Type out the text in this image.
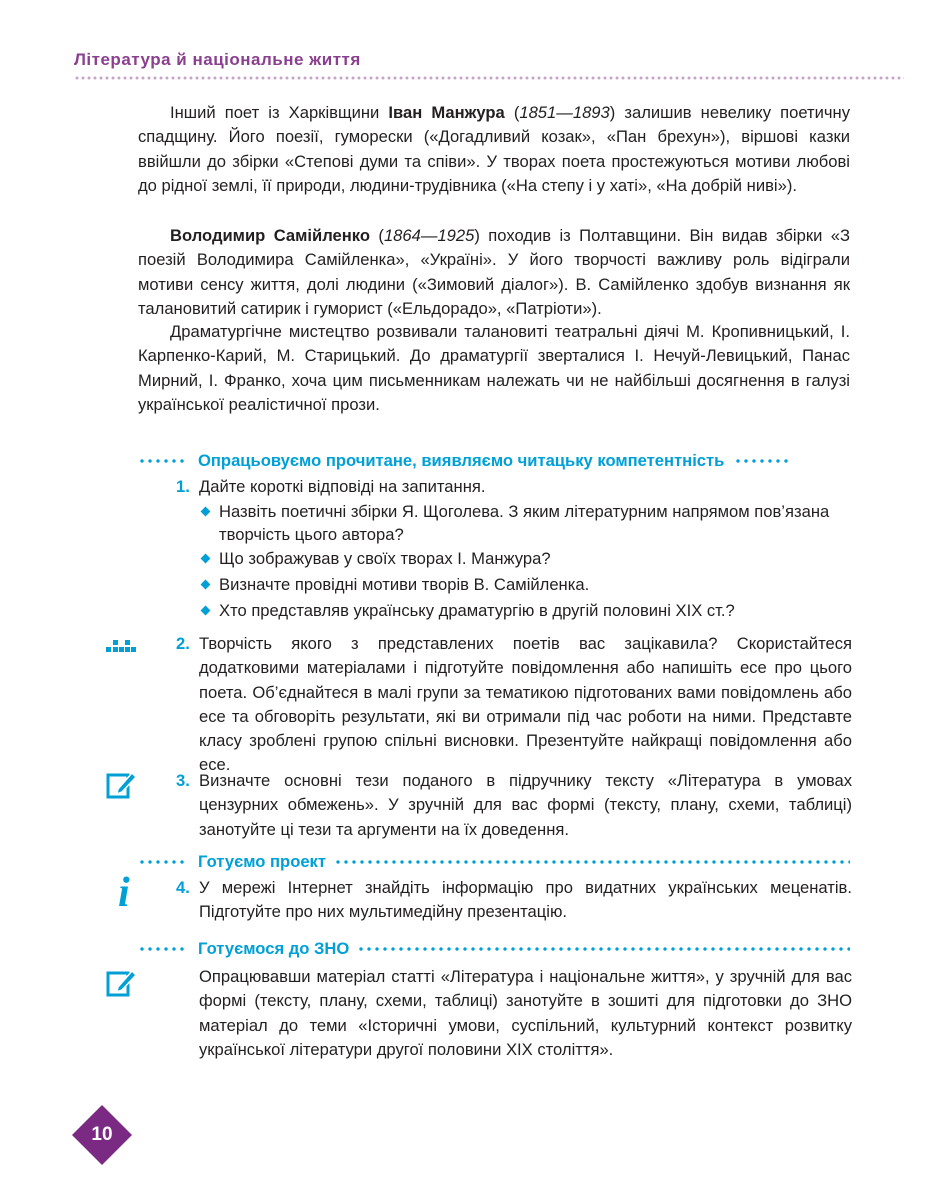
Література й національне життя

Інший поет із Харківщини Іван Манжура (1851—1893) залишив невелику поетичну спадщину. Його поезії, гуморески («Догадливий козак», «Пан брехун»), віршові казки ввійшли до збірки «Степові думи та співи». У творах поета простежуються мотиви любові до рідної землі, її природи, людини-трудівника («На степу і у хаті», «На добрій ниві»).

Володимир Самійленко (1864—1925) походив із Полтавщини. Він видав збірки «З поезій Володимира Самійленка», «Україні». У його творчості важливу роль відіграли мотиви сенсу життя, долі людини («Зимовий діалог»). В. Самійленко здобув визнання як талановитий сатирик і гуморист («Ельдорадо», «Патріоти»).

Драматургічне мистецтво розвивали талановиті театральні діячі М. Кропивницький, І. Карпенко-Карий, М. Старицький. До драматургії зверталися І. Нечуй-Левицький, Панас Мирний, І. Франко, хоча цим письменникам належать чи не найбільші досягнення в галузі української реалістичної прози.

Опрацьовуємо прочитане, виявляємо читацьку компетентність
1. Дайте короткі відповіді на запитання.
Назвіть поетичні збірки Я. Щоголева. З яким літературним напрямом пов’язана творчість цього автора?
Що зображував у своїх творах І. Манжура?
Визначте провідні мотиви творів В. Самійленка.
Хто представляв українську драматургію в другій половині ХІХ ст.?
2. Творчість якого з представлених поетів вас зацікавила? Скористайтеся додатковими матеріалами і підготуйте повідомлення або напишіть есе про цього поета. Об’єднайтеся в малі групи за тематикою підготованих вами повідомлень або есе та обговоріть результати, які ви отримали під час роботи на ними. Представте класу зроблені групою спільні висновки. Презентуйте найкращі повідомлення або есе.
3. Визначте основні тези поданого в підручнику тексту «Література в умовах цензурних обмежень». У зручній для вас формі (тексту, плану, схеми, таблиці) занотуйте ці тези та аргументи на їх доведення.
Готуємо проект
i	4. У мережі Інтернет знайдіть інформацію про видатних українських меценатів. Підготуйте про них мультимедійну презентацію.
Готуємося до ЗНО
Опрацювавши матеріал статті «Література і національне життя», у зручній для вас формі (тексту, плану, схеми, таблиці) занотуйте в зошиті для підготовки до ЗНО матеріал до теми «Історичні умови, суспільний, культурний контекст розвитку української літератури другої половини ХІХ століття».
10
